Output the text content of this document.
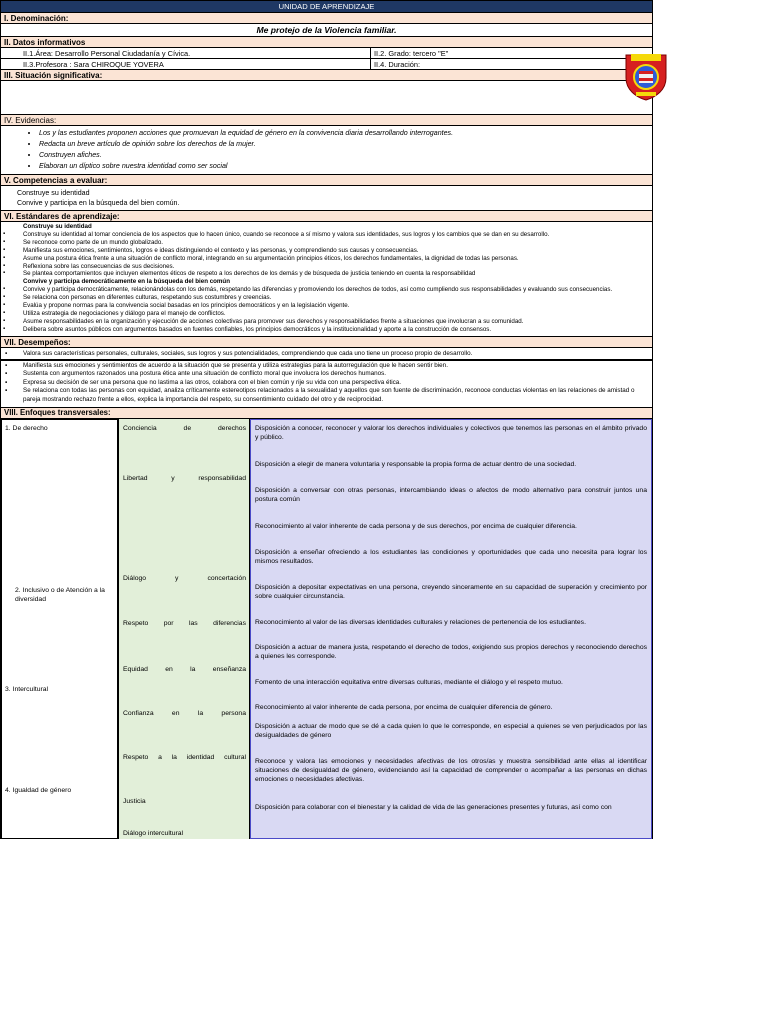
UNIDAD DE APRENDIZAJE
I. Denominación:
Me protejo de la Violencia familiar.
II. Datos informativos
II.1.Área: Desarrollo Personal Ciudadanía y Cívica.	II.2. Grado: tercero "E"
II.3.Profesora : Sara CHIROQUE YOVERA	II.4. Duración:
III. Situación significativa:
IV. Evidencias:
• Los y las estudiantes proponen acciones que promuevan la equidad de género en la convivencia diaria desarrollando interrogantes.
• Redacta un breve artículo de opinión sobre los derechos de la mujer.
• Construyen afiches.
• Elaboran un díptico sobre nuestra identidad como ser social
V. Competencias a evaluar:
Construye su identidad
Convive y participa en la búsqueda del bien común.
VI. Estándares de aprendizaje:
Construye su identidad
▪ Construye su identidad al tomar conciencia de los aspectos que lo hacen único, cuando se reconoce a sí mismo y valora sus identidades, sus logros y los cambios que se dan en su desarrollo.
▪ Se reconoce como parte de un mundo globalizado.
▪ Manifiesta sus emociones, sentimientos, logros e ideas distinguiendo el contexto y las personas, y comprendiendo sus causas y consecuencias.
▪ Asume una postura ética frente a una situación de conflicto moral, integrando en su argumentación principios éticos, los derechos fundamentales, la dignidad de todas las personas.
▪ Reflexiona sobre las consecuencias de sus decisiones.
▪ Se plantea comportamientos que incluyen elementos éticos de respeto a los derechos de los demás y de búsqueda de justicia teniendo en cuenta la responsabilidad
Convive y participa democráticamente en la búsqueda del bien común
▪ Convive y participa democráticamente, relacionándolas con los demás, respetando las diferencias y promoviendo los derechos de todos, así como cumpliendo sus responsabilidades y evaluando sus consecuencias.
▪ Se relaciona con personas en diferentes culturas, respetando sus costumbres y creencias.
▪ Evalúa y propone normas para la convivencia social basadas en los principios democráticos y en la legislación vigente.
▪ Utiliza estrategia de negociaciones y diálogo para el manejo de conflictos.
▪ Asume responsabilidades en la organización y ejecución de acciones colectivas para promover sus derechos y responsabilidades frente a situaciones que involucran a su comunidad.
▪ Delibera sobre asuntos públicos con argumentos basados en fuentes confiables, los principios democráticos y la institucionalidad y aporte a la construcción de consensos.
VII. Desempeños:
▪ Valora sus características personales, culturales, sociales, sus logros y sus potencialidades, comprendiendo que cada uno tiene un proceso propio de desarrollo.
▪ Manifiesta sus emociones y sentimientos de acuerdo a la situación que se presenta y utiliza estrategias para la autorregulación que le hacen sentir bien.
▪ Sustenta con argumentos razonados una postura ética ante una situación de conflicto moral que involucra los derechos humanos.
▪ Expresa su decisión de ser una persona que no lastima a las otros, colabora con el bien común y rije su vida con una perspectiva ética.
▪ Se relaciona con todas las personas con equidad, analiza críticamente estereotipos relacionados a la sexualidad y aquellos que son fuente de discriminación, reconoce conductas violentas en las relaciones de amistad o pareja mostrando rechazo frente a ellos, explica la importancia del respeto, su consentimiento cuidado del otro y de reciprocidad.
VIII. Enfoques transversales:
1. De derecho
2. Inclusivo o de Atención a la diversidad
3. Intercultural
4. Igualdad de género
Conciencia de derechos
Libertad y responsabilidad
Diálogo y concertación
Respeto por las diferencias
Equidad en la enseñanza
Confianza en la persona
Respeto a la identidad cultural
Justicia
Diálogo intercultural
Disposición a conocer, reconocer y valorar los derechos individuales y colectivos que tenemos las personas en el ámbito privado y público.
Disposición a elegir de manera voluntaria y responsable la propia forma de actuar dentro de una sociedad.
Disposición a conversar con otras personas, intercambiando ideas o afectos de modo alternativo para construir juntos una postura común
Reconocimiento al valor inherente de cada persona y de sus derechos, por encima de cualquier diferencia.
Disposición a enseñar ofreciendo a los estudiantes las condiciones y oportunidades que cada uno necesita para lograr los mismos resultados.
Disposición a depositar expectativas en una persona, creyendo sinceramente en su capacidad de superación y crecimiento por sobre cualquier circunstancia.
Reconocimiento al valor de las diversas identidades culturales y relaciones de pertenencia de los estudiantes.
Disposición a actuar de manera justa, respetando el derecho de todos, exigiendo sus propios derechos y reconociendo derechos a quienes les corresponde.
Fomento de una interacción equitativa entre diversas culturas, mediante el diálogo y el respeto mutuo.
Reconocimiento al valor inherente de cada persona, por encima de cualquier diferencia de género.
Disposición a actuar de modo que se dé a cada quien lo que le corresponde, en especial a quienes se ven perjudicados por las desigualdades de género
Reconoce y valora las emociones y necesidades afectivas de los otros/as y muestra sensibilidad ante ellas al identificar situaciones de desigualdad de género, evidenciando así la capacidad de comprender o acompañar a las personas en dichas emociones o necesidades afectivas.
Disposición para colaborar con el bienestar y la calidad de vida de las generaciones presentes y futuras, así como con
